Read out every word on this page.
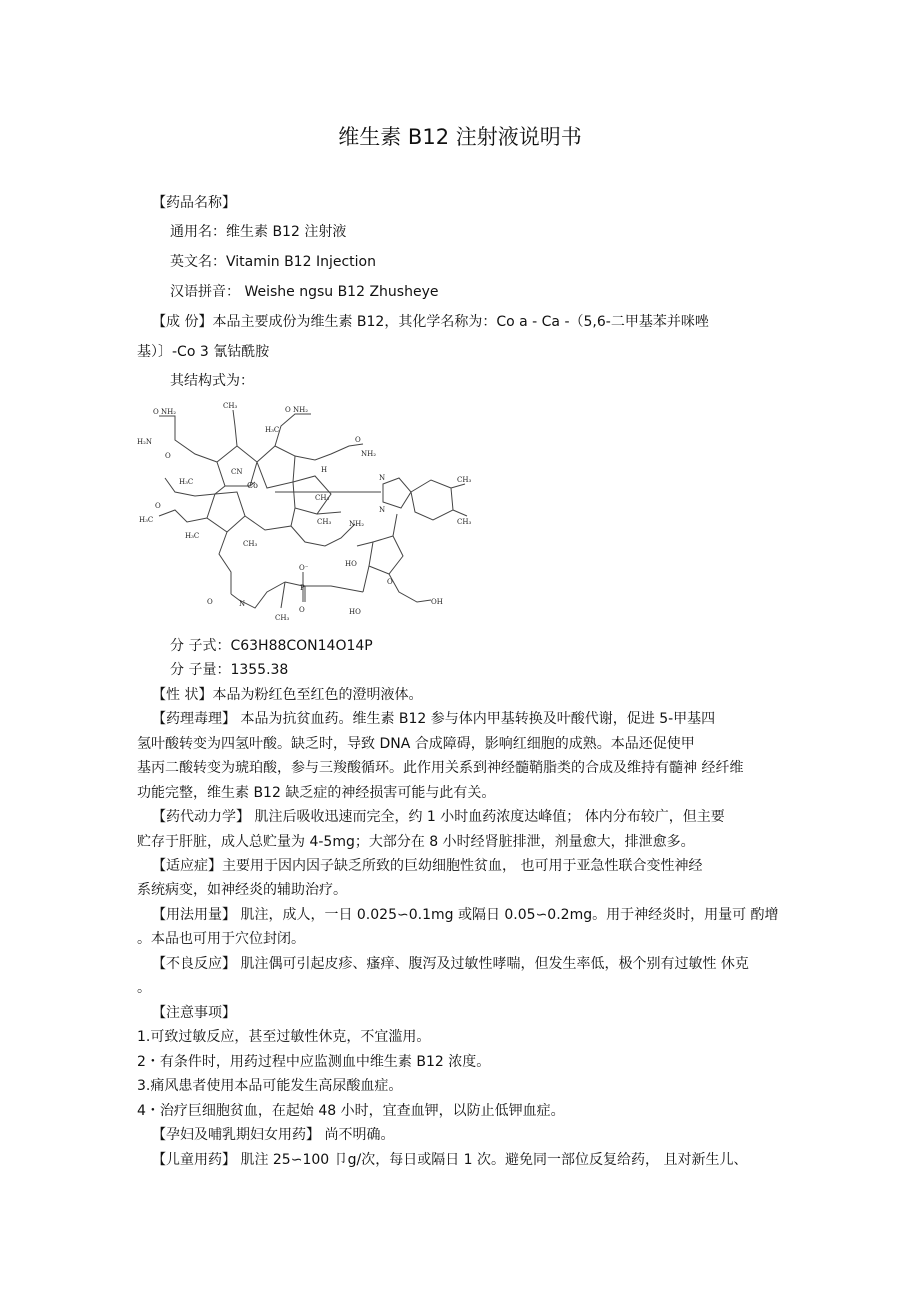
维生素 B12 注射液说明书
【药品名称】
通用名：维生素 B12 注射液
英文名：Vitamin B12 Injection
汉语拼音： Weishe ngsu B12 Zhusheye
【成 份】本品主要成份为维生素 B12，其化学名称为：Co a - Ca -（5,6-二甲基苯并咪唑
基）〕-Co 3 氰钴酰胺
其结构式为：
O NH₂
CH₃	O NH₂
H₃C
O
NH₂
H₂N
O
H₃C
CN
Co
H
CH₃
CH₃
N
N
CH₃
CH₃
O
H₃C
H₃C
CH₃
NH₂
HO
O
OH
O⁻
P
O
O	N
CH₃
HO
分 子式：C63H88CON14O14P
分 子量：1355.38
【性 状】本品为粉红色至红色的澄明液体。
【药理毒理】 本品为抗贫血药。维生素 B12 参与体内甲基转换及叶酸代谢，促进 5-甲基四
氢叶酸转变为四氢叶酸。缺乏时，导致 DNA 合成障碍，影响红细胞的成熟。本品还促使甲
基丙二酸转变为琥珀酸，参与三羧酸循环。此作用关系到神经髓鞘脂类的合成及维持有髓神 经纤维
功能完整，维生素 B12 缺乏症的神经损害可能与此有关。
【药代动力学】 肌注后吸收迅速而完全，约 1 小时血药浓度达峰值； 体内分布较广，但主要
贮存于肝脏，成人总贮量为 4-5mg；大部分在 8 小时经肾脏排泄，剂量愈大，排泄愈多。
【适应症】主要用于因内因子缺乏所致的巨幼细胞性贫血， 也可用于亚急性联合变性神经
系统病变，如神经炎的辅助治疗。
【用法用量】 肌注，成人，一日 0.025∽0.1mg 或隔日 0.05∽0.2mg。用于神经炎时，用量可 酌增
。本品也可用于穴位封闭。
【不良反应】 肌注偶可引起皮疹、瘙痒、腹泻及过敏性哮喘，但发生率低，极个别有过敏性 休克
。
【注意事项】
1.可致过敏反应，甚至过敏性休克，不宜滥用。
2・有条件时，用药过程中应监测血中维生素 B12 浓度。
3.痛风患者使用本品可能发生高尿酸血症。
4・治疗巨细胞贫血，在起始 48 小时，宜查血钾，以防止低钾血症。
【孕妇及哺乳期妇女用药】 尚不明确。
【儿童用药】 肌注 25∽100 卩g/次，每日或隔日 1 次。避免同一部位反复给药， 且对新生儿、
